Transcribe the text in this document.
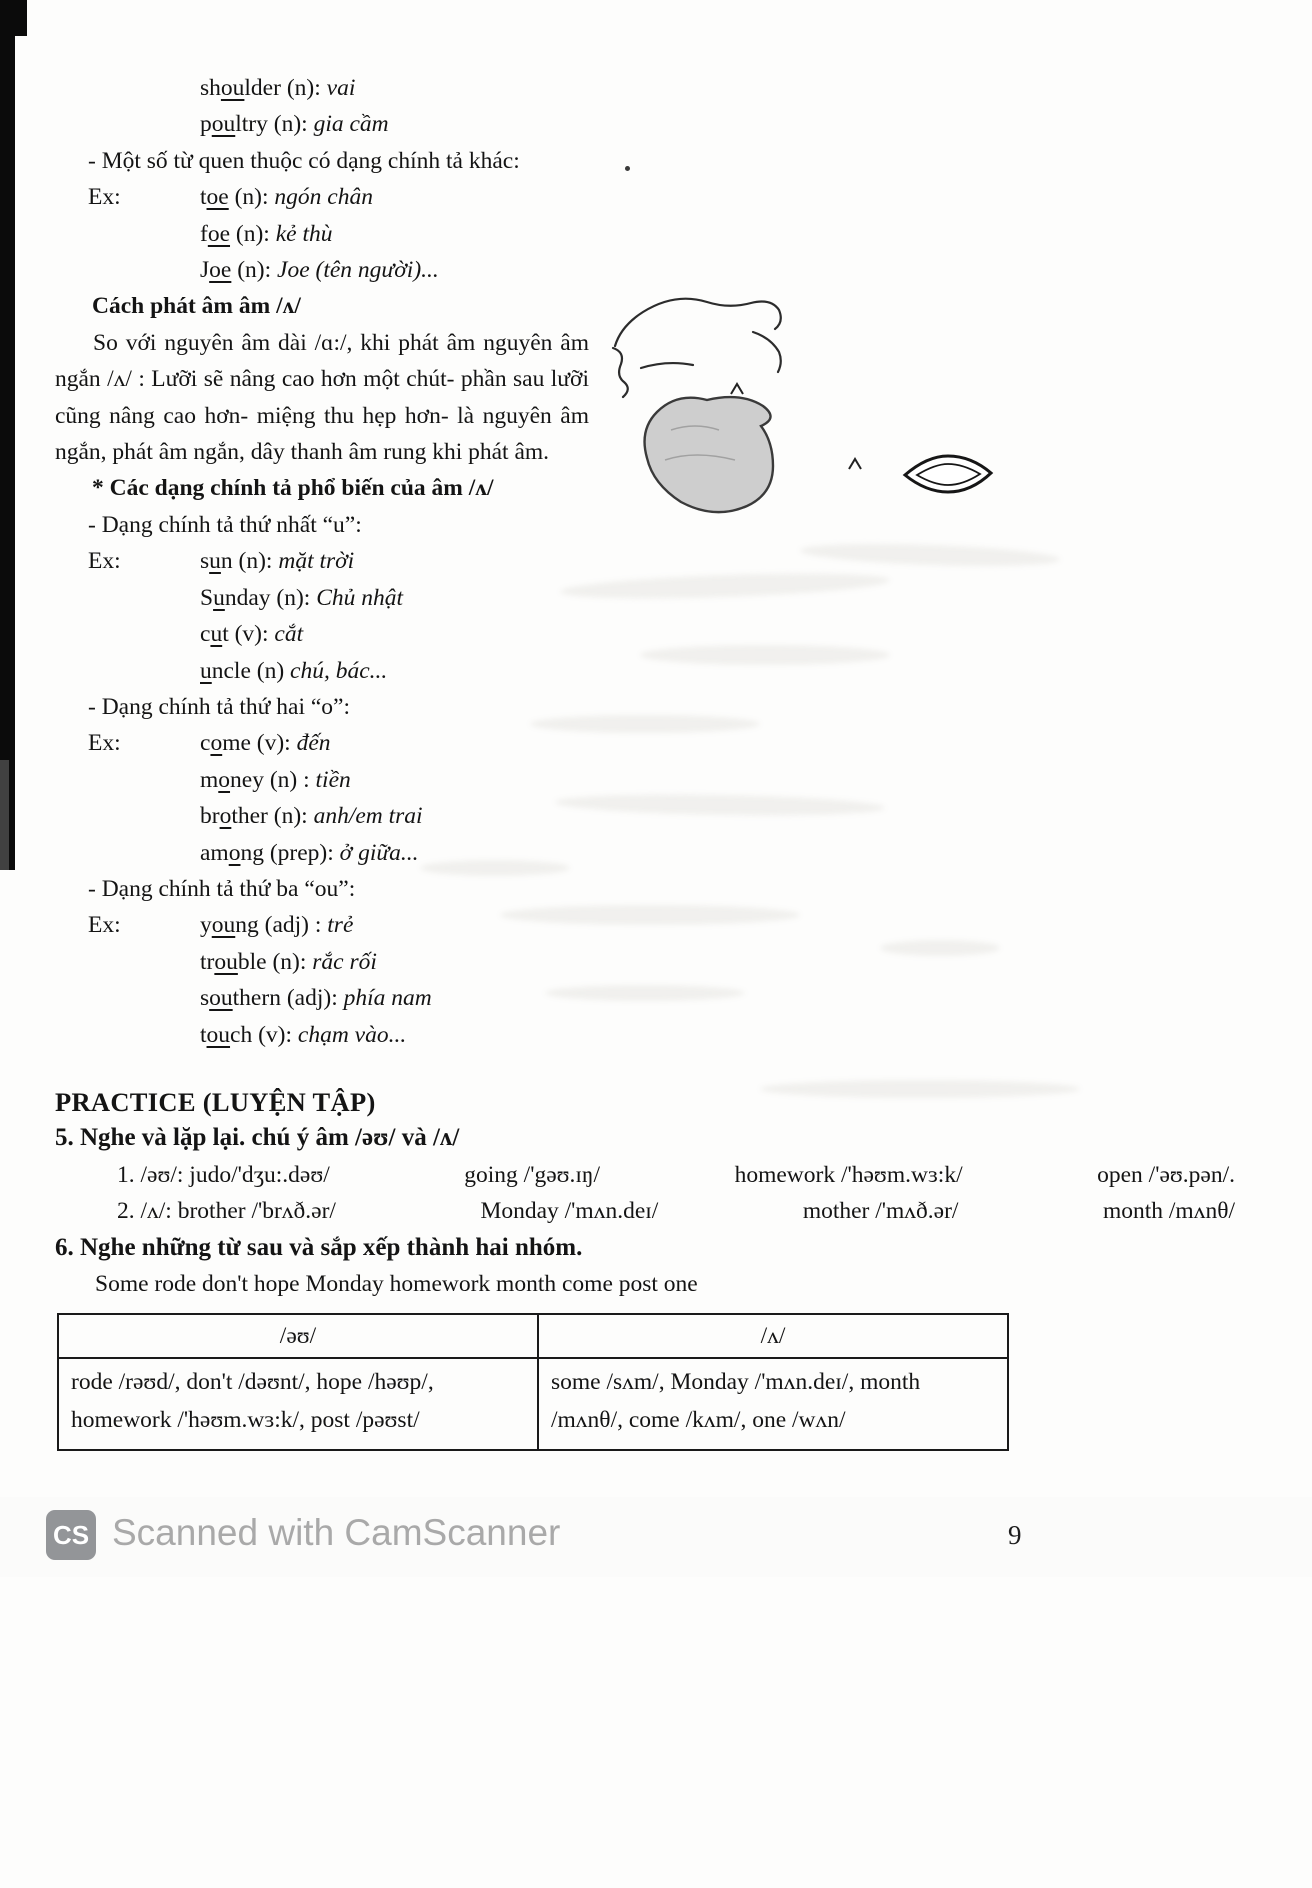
shoulder (n): vai
poultry (n): gia cầm
- Một số từ quen thuộc có dạng chính tả khác:
Ex:	toe (n): ngón chân
foe (n): kẻ thù
Joe (n): Joe (tên người)...
Cách phát âm âm /ʌ/
So với nguyên âm dài /ɑ:/, khi phát âm nguyên âm ngắn /ʌ/ : Lưỡi sẽ nâng cao hơn một chút- phần sau lưỡi cũng nâng cao hơn- miệng thu hẹp hơn- là nguyên âm ngắn, phát âm ngắn, dây thanh âm rung khi phát âm.
* Các dạng chính tả phổ biến của âm /ʌ/
- Dạng chính tả thứ nhất “u”:
Ex:	sun (n): mặt trời
Sunday (n): Chủ nhật
cut (v): cắt
uncle (n) chú, bác...
- Dạng chính tả thứ hai “o”:
Ex:	come (v): đến
money (n) : tiền
brother (n): anh/em trai
among (prep): ở giữa...
- Dạng chính tả thứ ba “ou”:
Ex:	young (adj) : trẻ
trouble (n): rắc rối
southern (adj): phía nam
touch (v): chạm vào...
PRACTICE (LUYỆN TẬP)
5. Nghe và lặp lại. chú ý âm /əʊ/ và /ʌ/
1. /əʊ/: judo/'dʒu:.dəʊ/	going /'gəʊ.ɪŋ/	homework /'həʊm.wɜ:k/	open /'əʊ.pən/.
2. /ʌ/: brother /'brʌð.ər/	Monday /'mʌn.deɪ/	mother /'mʌð.ər/	month /mʌnθ/
6. Nghe những từ sau và sắp xếp thành hai nhóm.
Some rode don't hope Monday homework month come post one
/əʊ/	/ʌ/
rode /rəʊd/, don't /dəʊnt/, hope /həʊp/, homework /'həʊm.wɜ:k/, post /pəʊst/	some /sʌm/, Monday /'mʌn.deɪ/, month /mʌnθ/, come /kʌm/, one /wʌn/
CS Scanned with CamScanner	9
